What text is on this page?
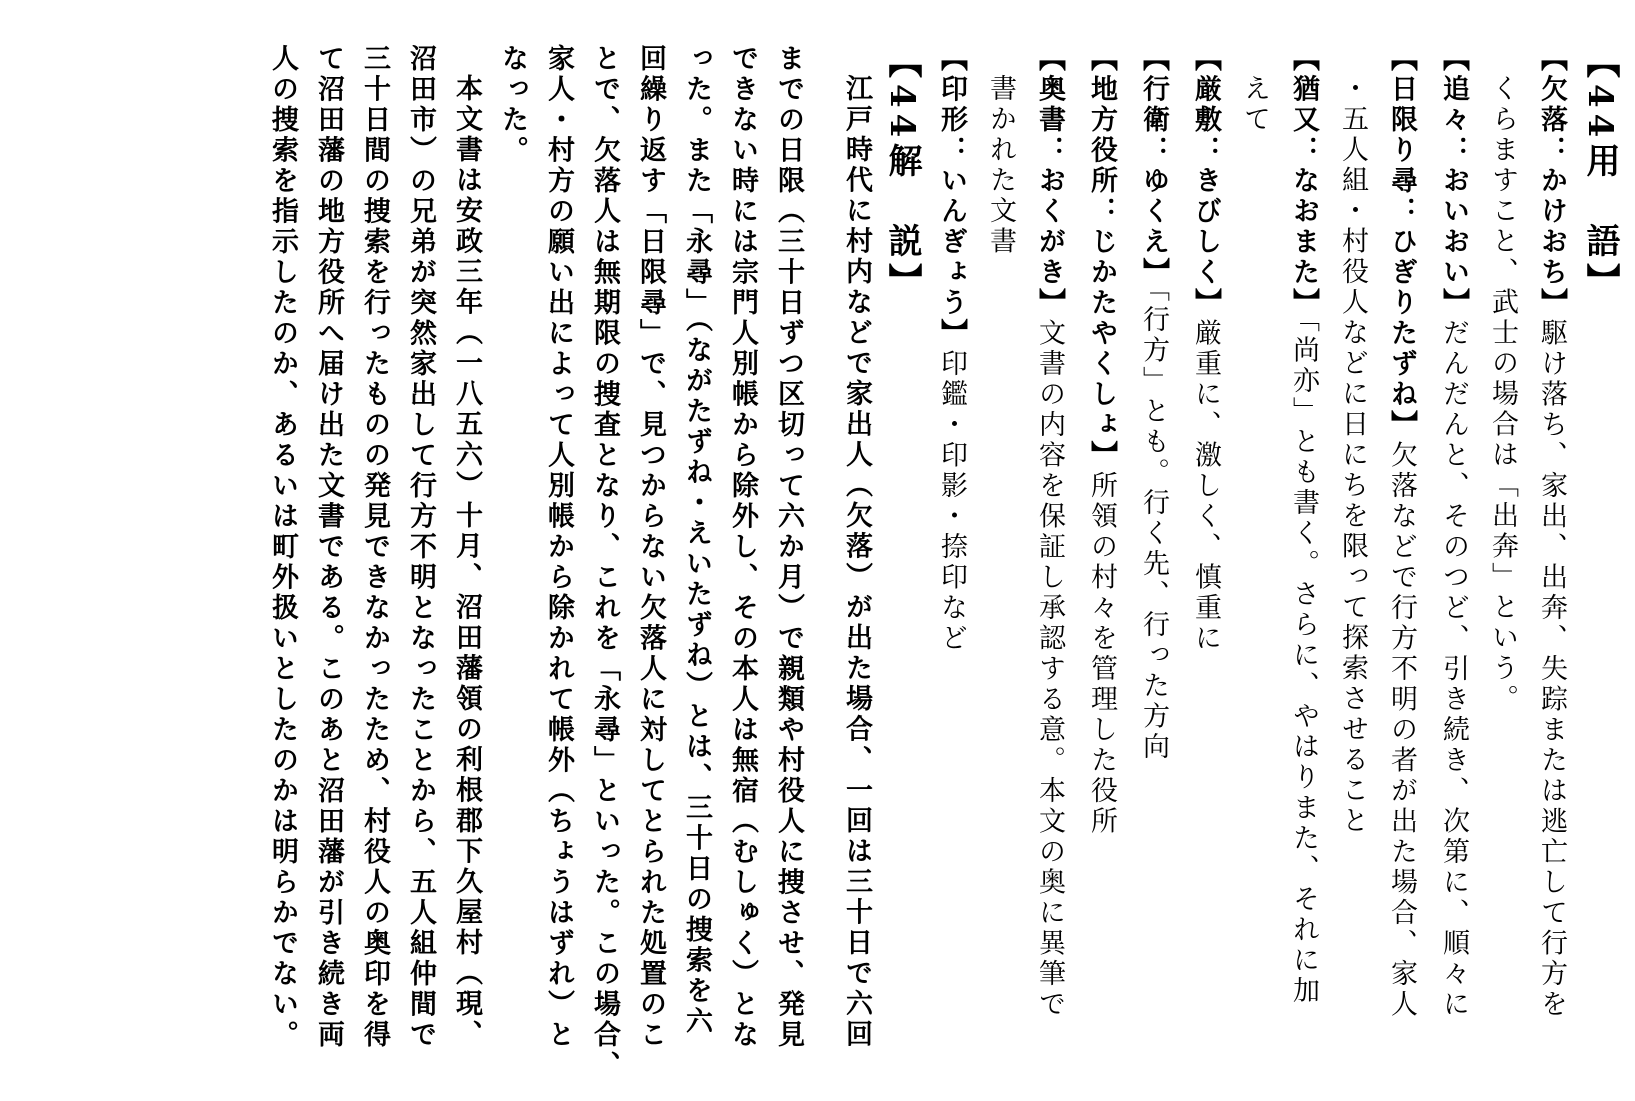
【44用　語】
【欠落：かけおち】駆け落ち、家出、出奔、失踪または逃亡して行方を
くらますこと、武士の場合は「出奔」という。
【追々：おいおい】だんだんと、そのつど、引き続き、次第に、順々に
【日限り尋：ひぎりたずね】欠落などで行方不明の者が出た場合、家人
・五人組・村役人などに日にちを限って探索させること
【猶又：なおまた】「尚亦」とも書く。さらに、やはりまた、それに加
えて
【厳敷：きびしく】厳重に、激しく、慎重に
【行衛：ゆくえ】「行方」とも。行く先、行った方向
【地方役所：じかたやくしょ】所領の村々を管理した役所
【奥書：おくがき】文書の内容を保証し承認する意。本文の奥に異筆で
書かれた文書
【印形：いんぎょう】印鑑・印影・捺印など
【44解　説】
江戸時代に村内などで家出人（欠落）が出た場合、一回は三十日で六回
までの日限（三十日ずつ区切って六か月）で親類や村役人に捜させ、発見
できない時には宗門人別帳から除外し、その本人は無宿（むしゅく）とな
った。また「永尋」（ながたずね・えいたずね）とは、三十日の捜索を六
回繰り返す「日限尋」で、見つからない欠落人に対してとられた処置のこ
とで、欠落人は無期限の捜査となり、これを「永尋」といった。この場合、
家人・村方の願い出によって人別帳から除かれて帳外（ちょうはずれ）と
なった。
本文書は安政三年（一八五六）十月、沼田藩領の利根郡下久屋村（現、
沼田市）の兄弟が突然家出して行方不明となったことから、五人組仲間で
三十日間の捜索を行ったものの発見できなかったため、村役人の奥印を得
て沼田藩の地方役所へ届け出た文書である。このあと沼田藩が引き続き両
人の捜索を指示したのか、あるいは町外扱いとしたのかは明らかでない。
